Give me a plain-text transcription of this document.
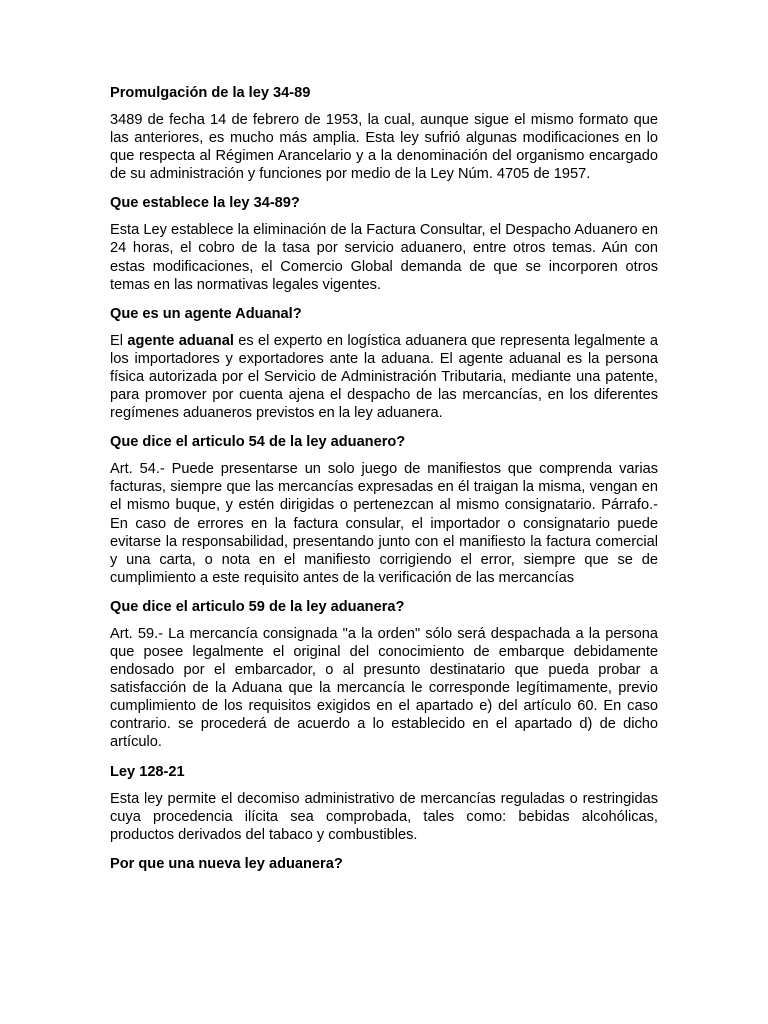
Promulgación de la ley 34-89
3489 de fecha 14 de febrero de 1953, la cual, aunque sigue el mismo formato que las anteriores, es mucho más amplia. Esta ley sufrió algunas modificaciones en lo que respecta al Régimen Arancelario y a la denominación del organismo encargado de su administración y funciones por medio de la Ley Núm. 4705 de 1957.
Que establece la ley 34-89?
Esta Ley establece la eliminación de la Factura Consultar, el Despacho Aduanero en 24 horas, el cobro de la tasa por servicio aduanero, entre otros temas. Aún con estas modificaciones, el Comercio Global demanda de que se incorporen otros temas en las normativas legales vigentes.
Que es un agente Aduanal?
El agente aduanal es el experto en logística aduanera que representa legalmente a los importadores y exportadores ante la aduana. El agente aduanal es la persona física autorizada por el Servicio de Administración Tributaria, mediante una patente, para promover por cuenta ajena el despacho de las mercancías, en los diferentes regímenes aduaneros previstos en la ley aduanera.
Que dice el articulo 54 de la ley aduanero?
Art. 54.- Puede presentarse un solo juego de manifiestos que comprenda varias facturas, siempre que las mercancías expresadas en él traigan la misma, vengan en el mismo buque, y estén dirigidas o pertenezcan al mismo consignatario. Párrafo.- En caso de errores en la factura consular, el importador o consignatario puede evitarse la responsabilidad, presentando junto con el manifiesto la factura comercial y una carta, o nota en el manifiesto corrigiendo el error, siempre que se de cumplimiento a este requisito antes de la verificación de las mercancías
Que dice el articulo 59 de la ley aduanera?
Art. 59.- La mercancía consignada "a la orden" sólo será despachada a la persona que posee legalmente el original del conocimiento de embarque debidamente endosado por el embarcador, o al presunto destinatario que pueda probar a satisfacción de la Aduana que la mercancía le corresponde legítimamente, previo cumplimiento de los requisitos exigidos en el apartado e) del artículo 60. En caso contrario. se procederá de acuerdo a lo establecido en el apartado d) de dicho artículo.
Ley 128-21
Esta ley permite el decomiso administrativo de mercancías reguladas o restringidas cuya procedencia ilícita sea comprobada, tales como: bebidas alcohólicas, productos derivados del tabaco y combustibles.
Por que una nueva ley aduanera?
